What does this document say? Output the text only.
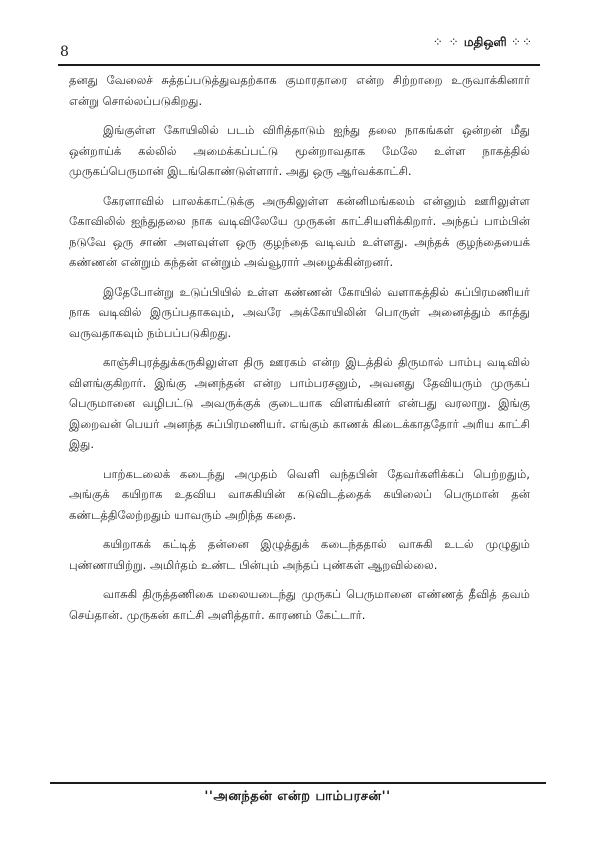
8
⁘ ⁘ மதிஒளி ⁘⁘

தனது வேலைச் சுத்தப்படுத்துவதற்காக குமாரதாரை என்ற சிற்றாறை உருவாக்கினார் என்று சொல்லப்படுகிறது.

இங்குள்ள கோயிலில் படம் விரித்தாடும் ஐந்து தலை நாகங்கள் ஒன்றன் மீது ஒன்றாய்க் கல்லில் அமைக்கப்பட்டு மூன்றாவதாக மேலே உள்ள நாகத்தில் முருகப்பெருமான் இடங்கொண்டுள்ளார். அது ஒரு ஆர்வக்காட்சி.

கேரளாவில் பாலக்காட்டுக்கு அருகிலுள்ள கன்னிமங்கலம் என்னும் ஊரிலுள்ள கோவிலில் ஐந்துதலை நாக வடிவிலேயே முருகன் காட்சியளிக்கிறார். அந்தப் பாம்பின் நடுவே ஒரு சாண் அளவுள்ள ஒரு குழந்தை வடிவம் உள்ளது. அந்தக் குழந்தையைக் கண்ணன் என்றும் கந்தன் என்றும் அவ்வூரார் அழைக்கின்றனர்.

இதேபோன்று உடுப்பியில் உள்ள கண்ணன் கோயில் வளாகத்தில் சுப்பிரமணியர் நாக வடிவில் இருப்பதாகவும், அவரே அக்கோயிலின் பொருள் அனைத்தும் காத்து வருவதாகவும் நம்பப்படுகிறது.

காஞ்சிபுரத்துக்கருகிலுள்ள திரு ஊரகம் என்ற இடத்தில் திருமால் பாம்பு வடிவில் விளங்குகிறார். இங்கு அனந்தன் என்ற பாம்பரசனும், அவனது தேவியரும் முருகப் பெருமானை வழிபட்டு அவருக்குக் குடையாக விளங்கினர் என்பது வரலாறு. இங்கு இறைவன் பெயர் அனந்த சுப்பிரமணியர். எங்கும் காணக் கிடைக்காததோர் அரிய காட்சி இது.

பாற்கடலைக் கடைந்து அமுதம் வெளி வந்தபின் தேவர்களிக்கப் பெற்றதும், அங்குக் கயிறாக உதவிய வாசுகியின் கடுவிடத்தைக் கயிலைப் பெருமான் தன் கண்டத்திலேற்றதும் யாவரும் அறிந்த கதை.

கயிறாகக் கட்டித் தன்னை இழுத்துக் கடைந்ததால் வாசுகி உடல் முழுதும் புண்ணாயிற்று. அமிர்தம் உண்ட பின்பும் அந்தப் புண்கள் ஆறவில்லை.

வாசுகி திருத்தணிகை மலையடைந்து முருகப் பெருமானை எண்ணத் தீவித் தவம் செய்தான். முருகன் காட்சி அளித்தார். காரணம் கேட்டார்.

''அனந்தன் என்ற பாம்பரசன்''
